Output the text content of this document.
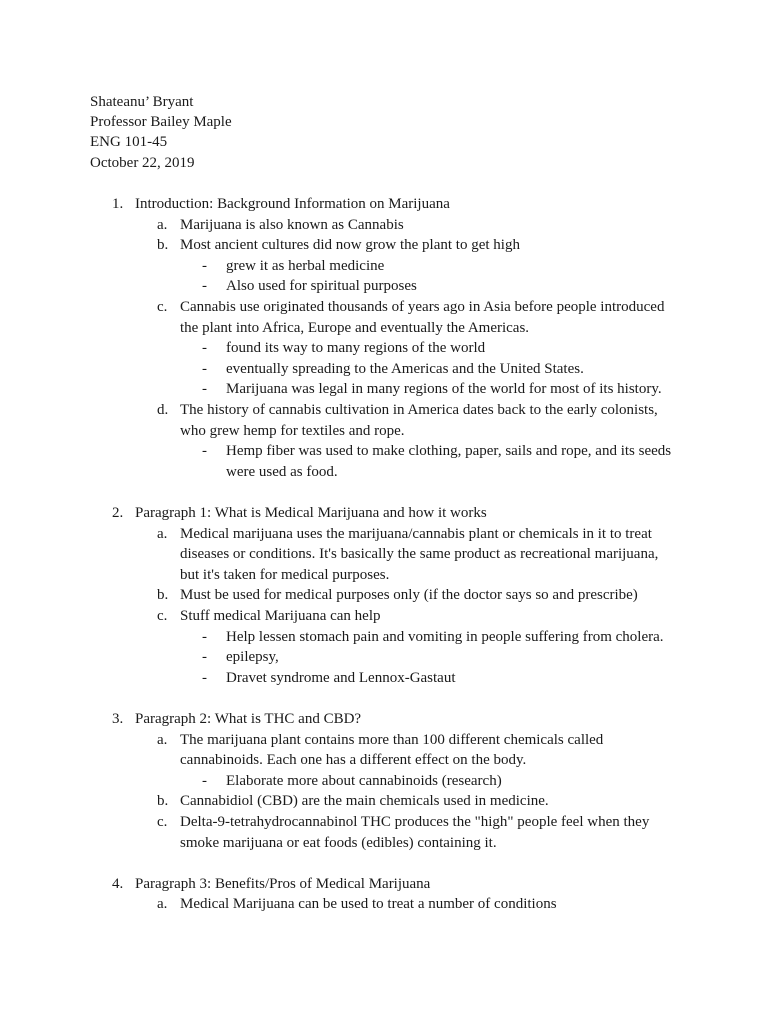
Shateanu’ Bryant
Professor Bailey Maple
ENG 101-45
October 22, 2019
1. Introduction: Background Information on Marijuana
a. Marijuana is also known as Cannabis
b. Most ancient cultures did now grow the plant to get high
- grew it as herbal medicine
- Also used for spiritual purposes
c. Cannabis use originated thousands of years ago in Asia before people introduced
the plant into Africa, Europe and eventually the Americas.
- found its way to many regions of the world
- eventually spreading to the Americas and the United States.
- Marijuana was legal in many regions of the world for most of its history.
d. The history of cannabis cultivation in America dates back to the early colonists,
who grew hemp for textiles and rope.
- Hemp fiber was used to make clothing, paper, sails and rope, and its seeds
were used as food.
2. Paragraph 1: What is Medical Marijuana and how it works
a. Medical marijuana uses the marijuana/cannabis plant or chemicals in it to treat
diseases or conditions. It's basically the same product as recreational marijuana,
but it's taken for medical purposes.
b. Must be used for medical purposes only (if the doctor says so and prescribe)
c. Stuff medical Marijuana can help
- Help lessen stomach pain and vomiting in people suffering from cholera.
- epilepsy,
- Dravet syndrome and Lennox-Gastaut
3. Paragraph 2: What is THC and CBD?
a. The marijuana plant contains more than 100 different chemicals called
cannabinoids. Each one has a different effect on the body.
- Elaborate more about cannabinoids (research)
b. Cannabidiol (CBD) are the main chemicals used in medicine.
c. Delta-9-tetrahydrocannabinol THC produces the "high" people feel when they
smoke marijuana or eat foods (edibles) containing it.
4. Paragraph 3: Benefits/Pros of Medical Marijuana
a. Medical Marijuana can be used to treat a number of conditions
